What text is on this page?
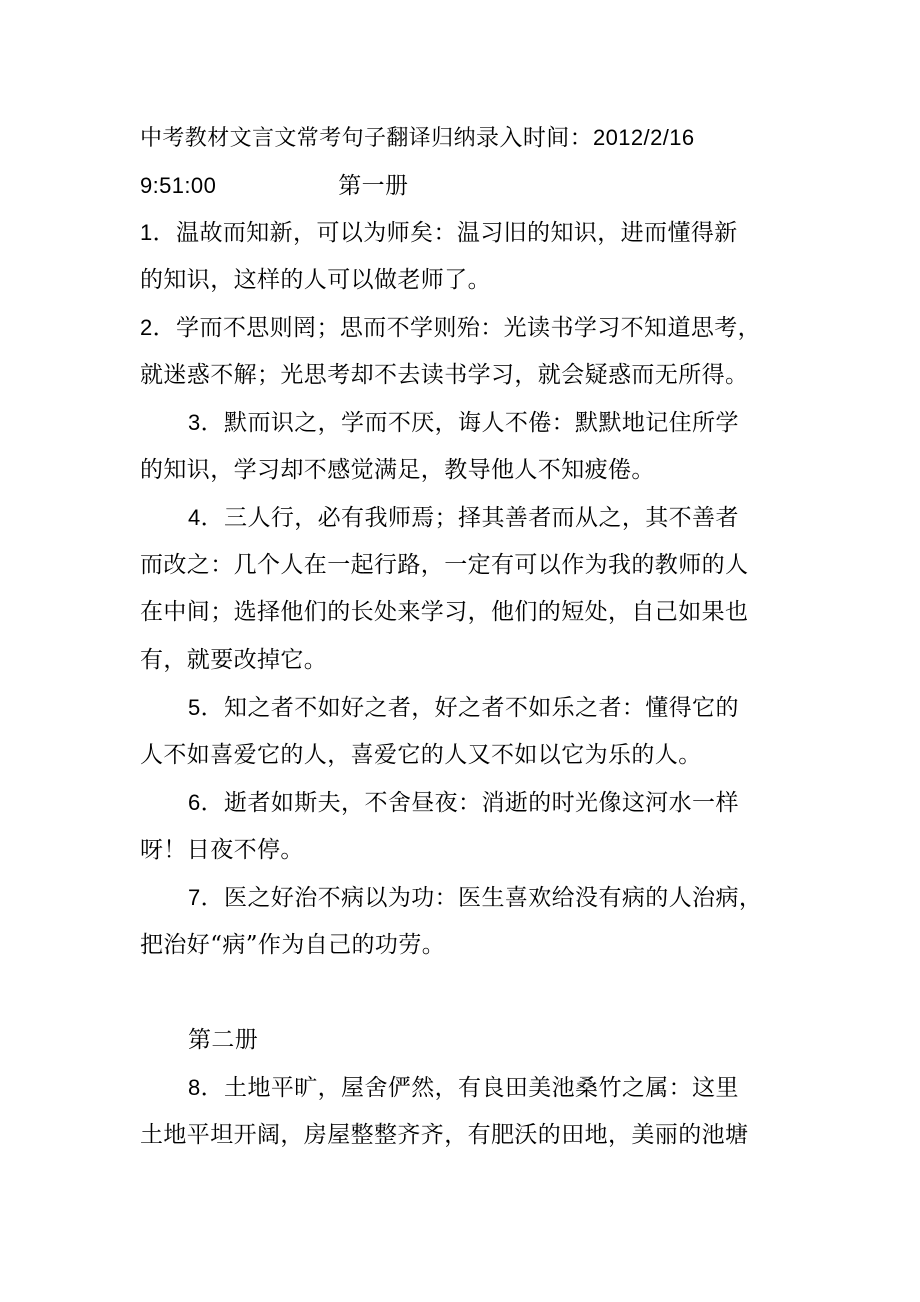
中考教材文言文常考句子翻译归纳录入时间：2012/2/16
9:51:00	第一册
1．温故而知新，可以为师矣：温习旧的知识，进而懂得新
的知识，这样的人可以做老师了。
2．学而不思则罔；思而不学则殆：光读书学习不知道思考，
就迷惑不解；光思考却不去读书学习，就会疑惑而无所得。
3．默而识之，学而不厌，诲人不倦：默默地记住所学
的知识，学习却不感觉满足，教导他人不知疲倦。
4．三人行，必有我师焉；择其善者而从之，其不善者
而改之：几个人在一起行路，一定有可以作为我的教师的人
在中间；选择他们的长处来学习，他们的短处，自己如果也
有，就要改掉它。
5．知之者不如好之者，好之者不如乐之者：懂得它的
人不如喜爱它的人，喜爱它的人又不如以它为乐的人。
6．逝者如斯夫，不舍昼夜：消逝的时光像这河水一样
呀！日夜不停。
7．医之好治不病以为功：医生喜欢给没有病的人治病，
把治好“病”作为自己的功劳。
第二册
8．土地平旷，屋舍俨然，有良田美池桑竹之属：这里
土地平坦开阔，房屋整整齐齐，有肥沃的田地，美丽的池塘
